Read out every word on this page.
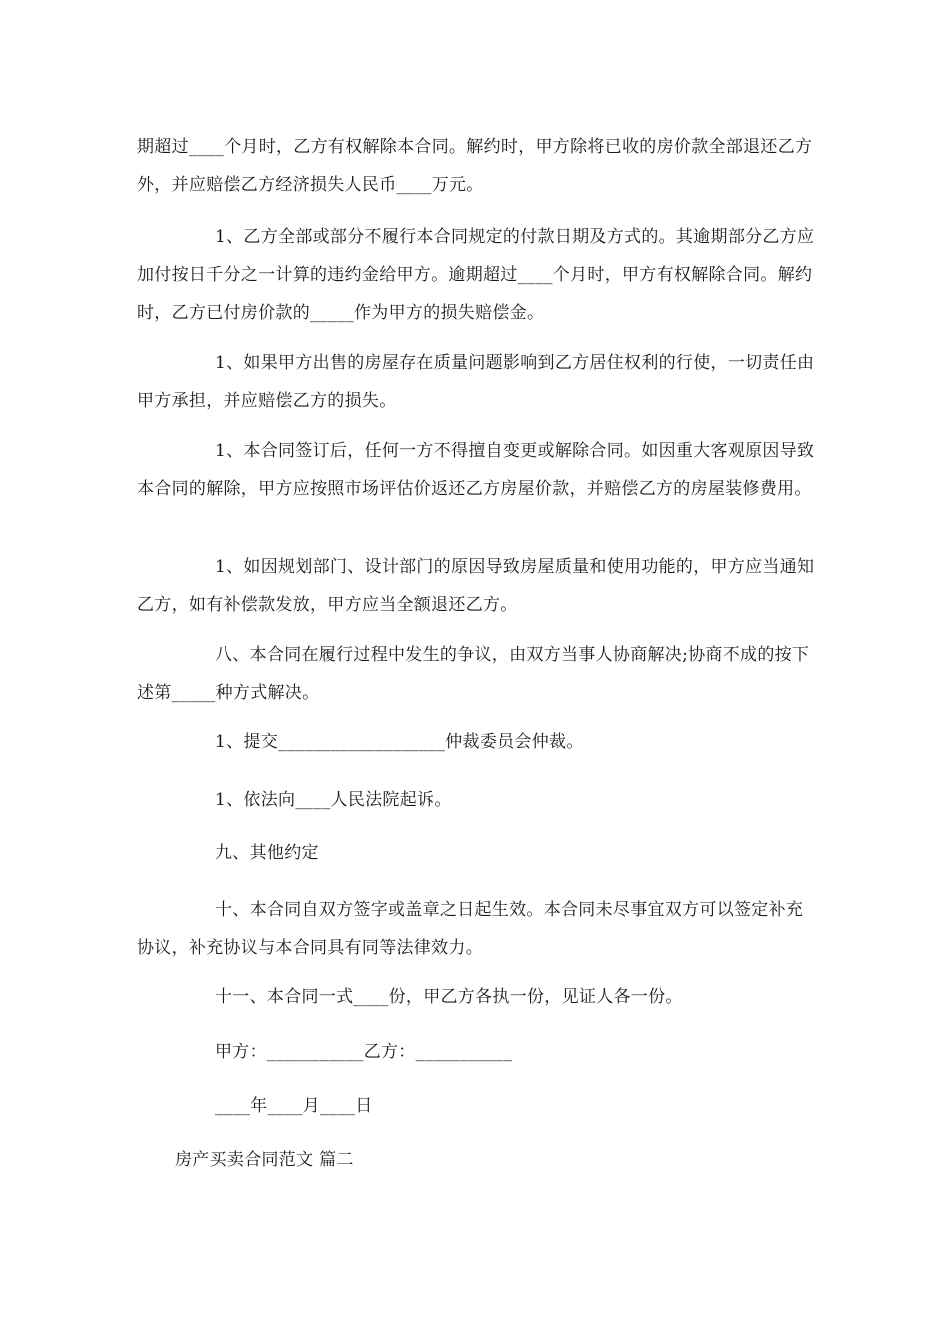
期超过____个月时，乙方有权解除本合同。解约时，甲方除将已收的房价款全部退还乙方外，并应赔偿乙方经济损失人民币____万元。

1、乙方全部或部分不履行本合同规定的付款日期及方式的。其逾期部分乙方应加付按日千分之一计算的违约金给甲方。逾期超过____个月时，甲方有权解除合同。解约时，乙方已付房价款的_____作为甲方的损失赔偿金。

1、如果甲方出售的房屋存在质量问题影响到乙方居住权利的行使，一切责任由甲方承担，并应赔偿乙方的损失。

1、本合同签订后，任何一方不得擅自变更或解除合同。如因重大客观原因导致本合同的解除，甲方应按照市场评估价返还乙方房屋价款，并赔偿乙方的房屋装修费用。

1、如因规划部门、设计部门的原因导致房屋质量和使用功能的，甲方应当通知乙方，如有补偿款发放，甲方应当全额退还乙方。

八、本合同在履行过程中发生的争议，由双方当事人协商解决;协商不成的按下述第_____种方式解决。

1、提交___________________仲裁委员会仲裁。

1、依法向____人民法院起诉。

九、其他约定

十、本合同自双方签字或盖章之日起生效。本合同未尽事宜双方可以签定补充协议，补充协议与本合同具有同等法律效力。

十一、本合同一式____份，甲乙方各执一份，见证人各一份。

甲方：___________乙方：___________

____年____月____日

房产买卖合同范文 篇二
